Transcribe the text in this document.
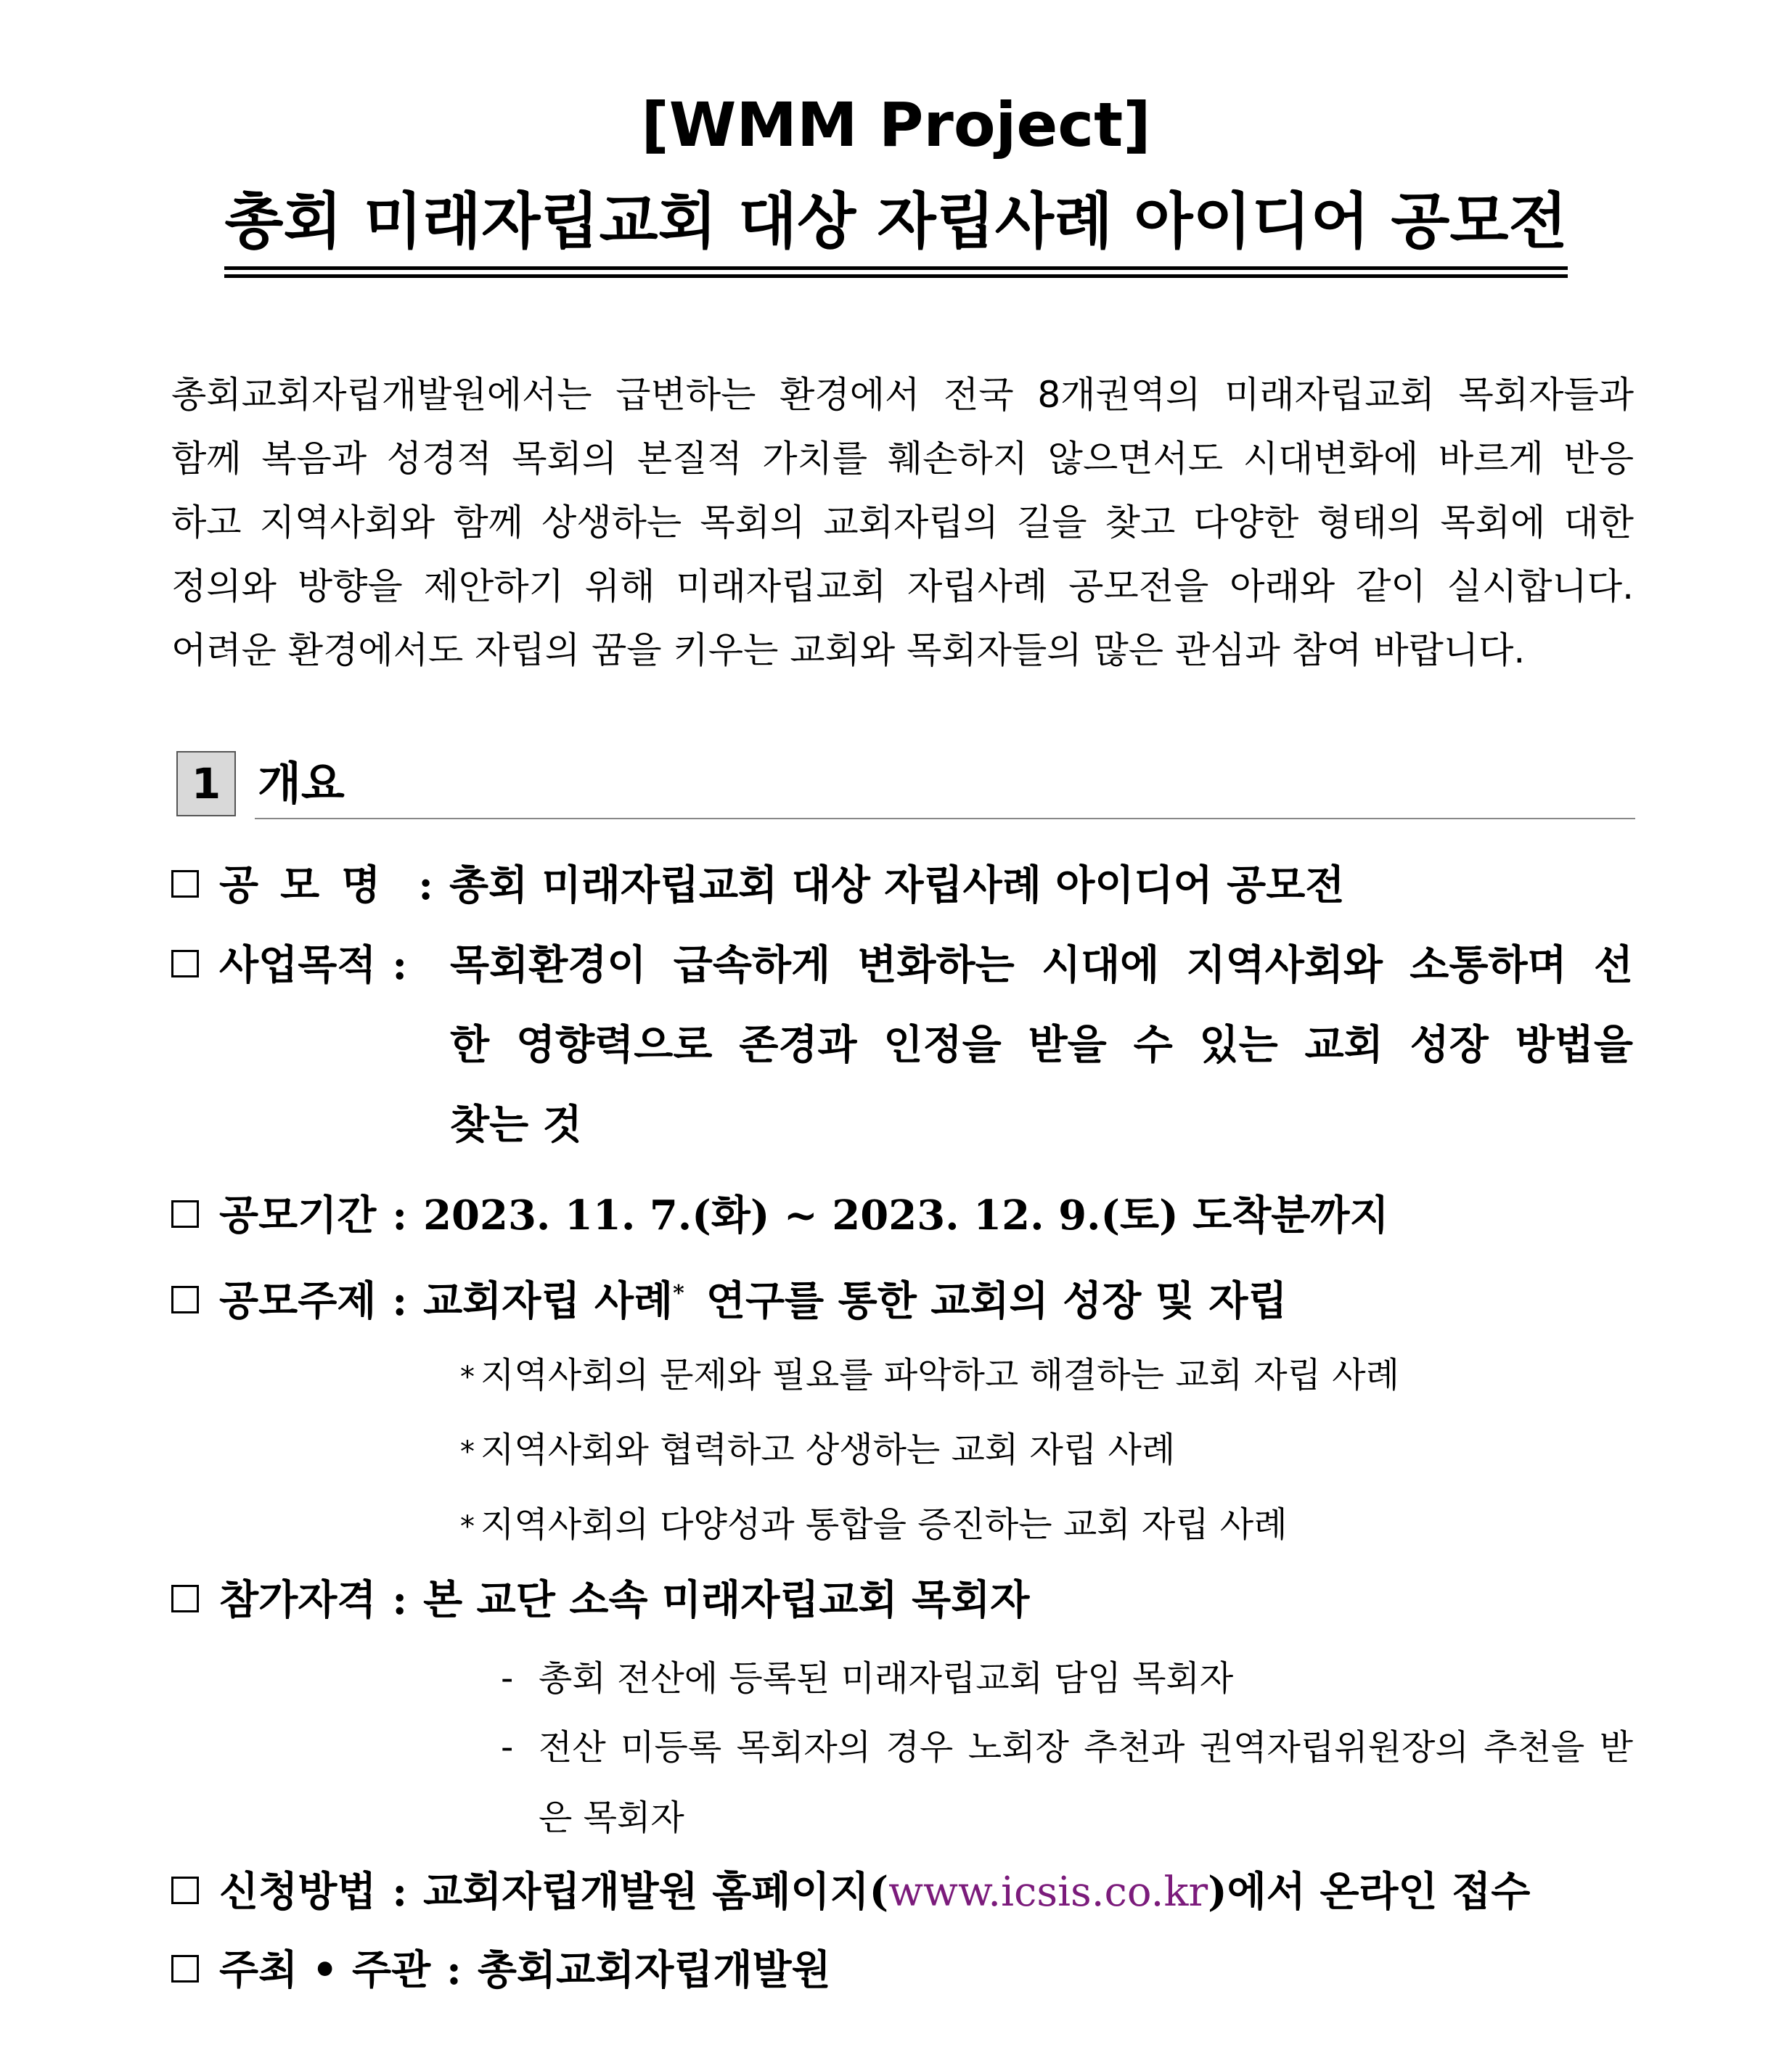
[WMM Project]
총회 미래자립교회 대상 자립사례 아이디어 공모전

총회교회자립개발원에서는 급변하는 환경에서 전국 8개권역의 미래자립교회 목회자들과

함께 복음과 성경적 목회의 본질적 가치를 훼손하지 않으면서도 시대변화에 바르게 반응

하고 지역사회와 함께 상생하는 목회의 교회자립의 길을 찾고 다양한 형태의 목회에 대한

정의와 방향을 제안하기 위해 미래자립교회 자립사례 공모전을 아래와 같이 실시합니다.

어려운 환경에서도 자립의 꿈을 키우는 교회와 목회자들의 많은 관심과 참여 바랍니다.

1 개요
공모명 : 총회 미래자립교회 대상 자립사례 아이디어 공모전
사업목적 :	목회환경이 급속하게 변화하는 시대에 지역사회와 소통하며 선
한 영향력으로 존경과 인정을 받을 수 있는 교회 성장 방법을
찾는 것
공모기간 : 2023. 11. 7.(화) ~ 2023. 12. 9.(토) 도착분까지
공모주제 : 교회자립 사례* 연구를 통한 교회의 성장 및 자립
* 지역사회의 문제와 필요를 파악하고 해결하는 교회 자립 사례
* 지역사회와 협력하고 상생하는 교회 자립 사례
* 지역사회의 다양성과 통합을 증진하는 교회 자립 사례
참가자격 : 본 교단 소속 미래자립교회 목회자
- 총회 전산에 등록된 미래자립교회 담임 목회자
- 전산 미등록 목회자의 경우 노회장 추천과 권역자립위원장의 추천을 받
은 목회자
신청방법 : 교회자립개발원 홈페이지(www.icsis.co.kr)에서 온라인 접수
주최 • 주관 : 총회교회자립개발원
